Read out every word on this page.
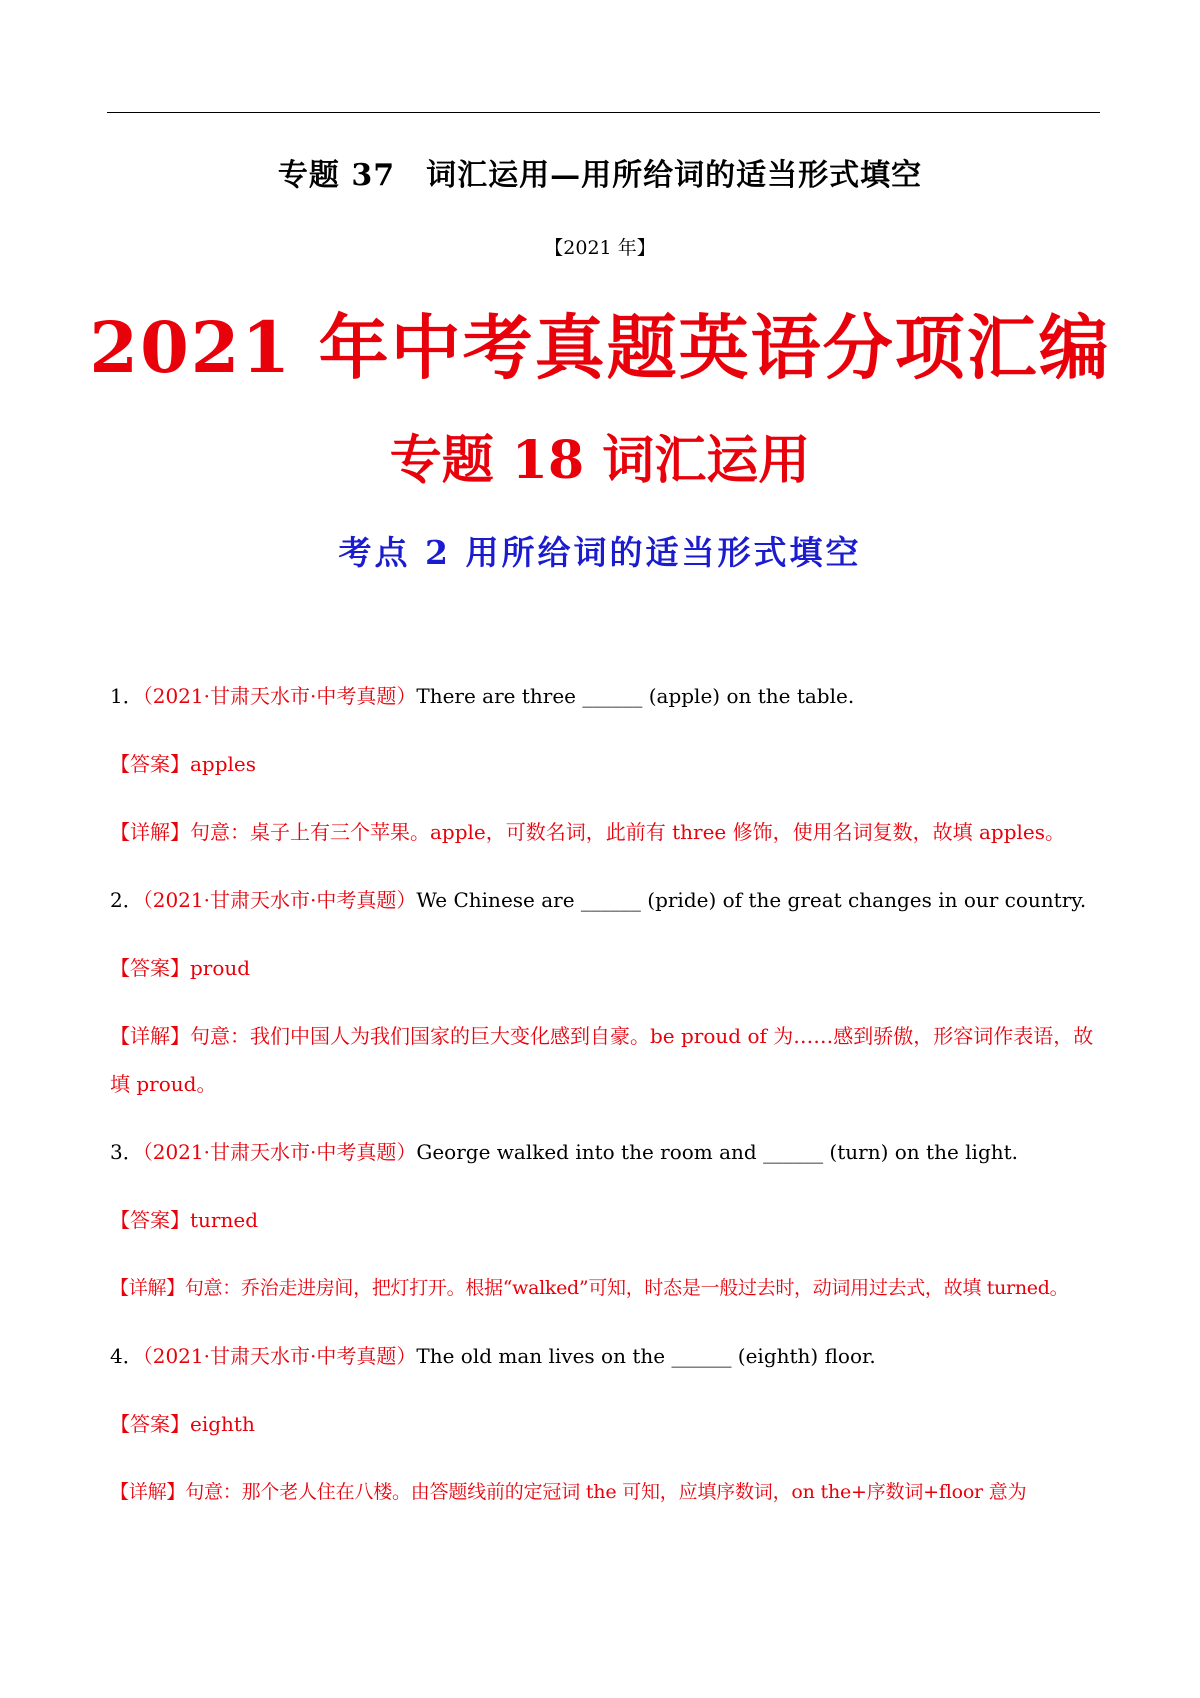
专题 37　词汇运用—用所给词的适当形式填空
【2021 年】
2021 年中考真题英语分项汇编
专题 18 词汇运用
考点 2 用所给词的适当形式填空
1．（2021·甘肃天水市·中考真题）There are three ______ (apple) on the table.
【答案】apples
【详解】句意：桌子上有三个苹果。apple，可数名词，此前有 three 修饰，使用名词复数，故填 apples。
2．（2021·甘肃天水市·中考真题）We Chinese are ______ (pride) of the great changes in our country.
【答案】proud
【详解】句意：我们中国人为我们国家的巨大变化感到自豪。be proud of 为……感到骄傲，形容词作表语，故填 proud。
3．（2021·甘肃天水市·中考真题）George walked into the room and ______ (turn) on the light.
【答案】turned
【详解】句意：乔治走进房间，把灯打开。根据“walked”可知，时态是一般过去时，动词用过去式，故填 turned。
4．（2021·甘肃天水市·中考真题）The old man lives on the ______ (eighth) floor.
【答案】eighth
【详解】句意：那个老人住在八楼。由答题线前的定冠词 the 可知，应填序数词，on the+序数词+floor 意为
